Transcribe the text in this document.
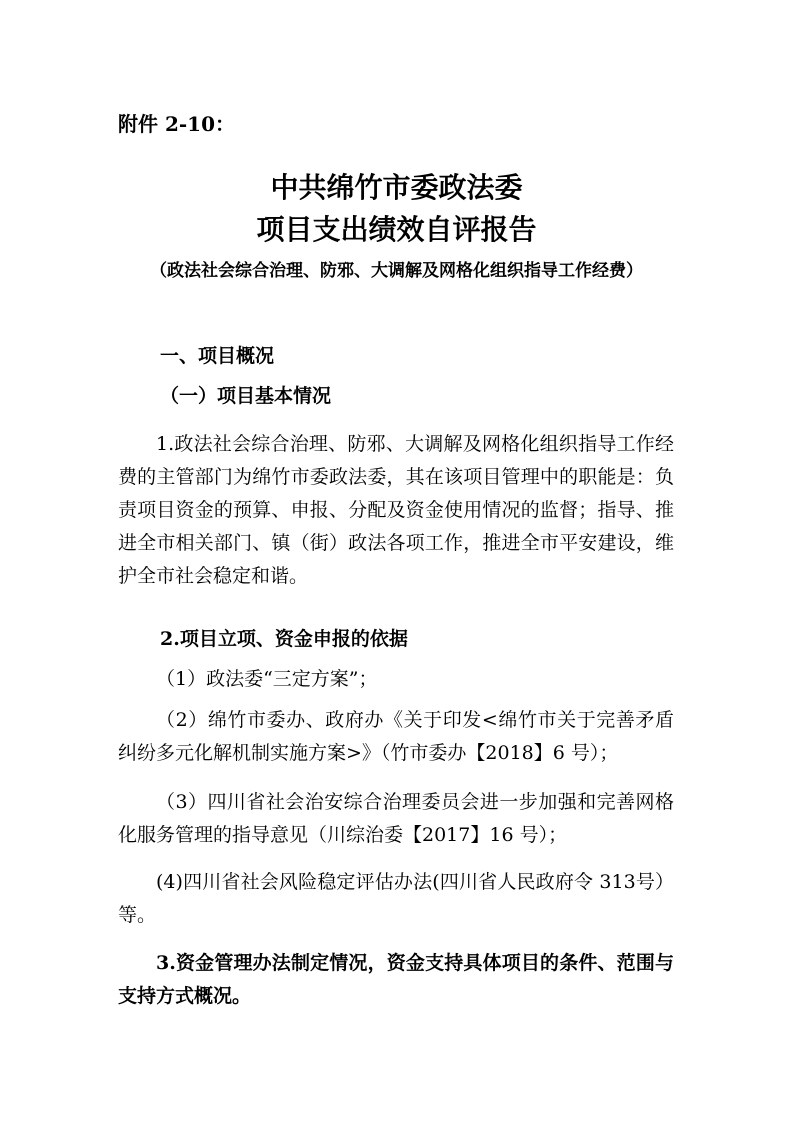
附件 2-10：
中共绵竹市委政法委
项目支出绩效自评报告
（政法社会综合治理、防邪、大调解及网格化组织指导工作经费）
一、项目概况
（一）项目基本情况
1.政法社会综合治理、防邪、大调解及网格化组织指导工作经费的主管部门为绵竹市委政法委，其在该项目管理中的职能是：负责项目资金的预算、申报、分配及资金使用情况的监督；指导、推进全市相关部门、镇（街）政法各项工作，推进全市平安建设，维护全市社会稳定和谐。
2.项目立项、资金申报的依据
（1）政法委“三定方案”；
（2）绵竹市委办、政府办《关于印发<绵竹市关于完善矛盾纠纷多元化解机制实施方案>》（竹市委办【2018】6 号）；
（3）四川省社会治安综合治理委员会进一步加强和完善网格化服务管理的指导意见（川综治委【2017】16 号）；
(4)四川省社会风险稳定评估办法(四川省人民政府令 313号）等。
3.资金管理办法制定情况，资金支持具体项目的条件、范围与支持方式概况。
